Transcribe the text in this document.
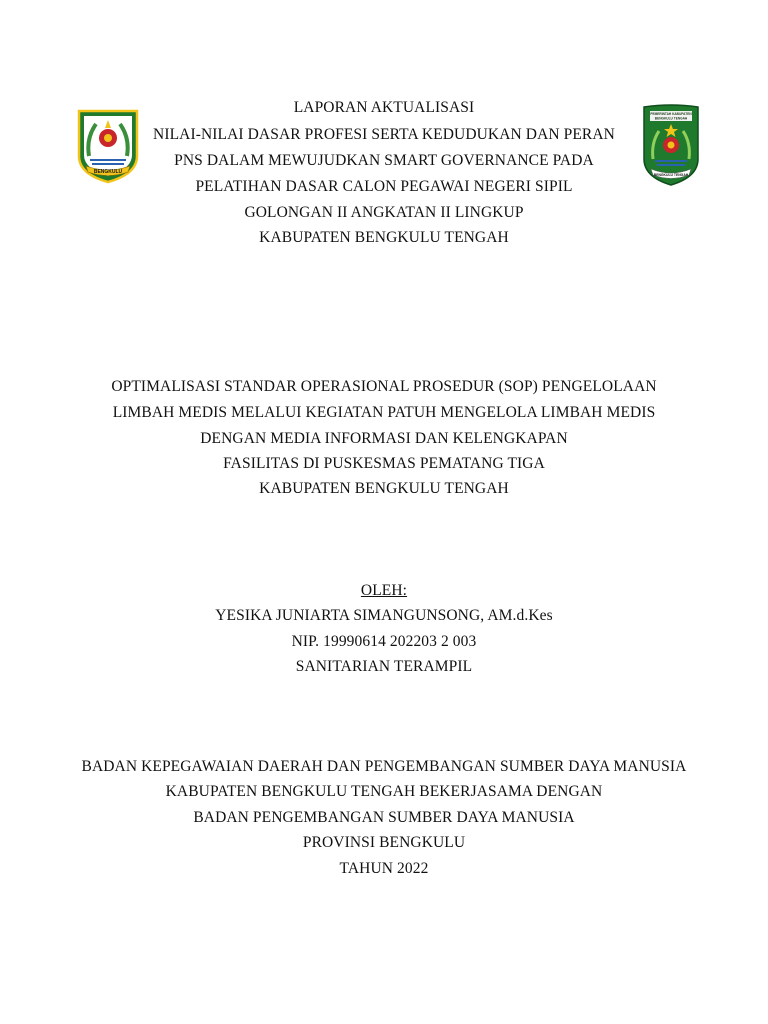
BENGKULU
PEMERINTAH KABUPATEN
BENGKULU TENGAH
BENGKULU TENGAH
LAPORAN AKTUALISASI
NILAI-NILAI DASAR PROFESI SERTA KEDUDUKAN DAN PERAN
PNS DALAM MEWUJUDKAN SMART GOVERNANCE PADA
PELATIHAN DASAR CALON PEGAWAI NEGERI SIPIL
GOLONGAN II ANGKATAN II LINGKUP
KABUPATEN BENGKULU TENGAH
OPTIMALISASI STANDAR OPERASIONAL PROSEDUR (SOP) PENGELOLAAN
LIMBAH MEDIS MELALUI KEGIATAN PATUH MENGELOLA LIMBAH MEDIS
DENGAN MEDIA INFORMASI DAN KELENGKAPAN
FASILITAS DI PUSKESMAS PEMATANG TIGA
KABUPATEN BENGKULU TENGAH
OLEH:
YESIKA JUNIARTA SIMANGUNSONG, AM.d.Kes
NIP. 19990614 202203 2 003
SANITARIAN TERAMPIL
BADAN KEPEGAWAIAN DAERAH DAN PENGEMBANGAN SUMBER DAYA MANUSIA
KABUPATEN BENGKULU TENGAH BEKERJASAMA DENGAN
BADAN PENGEMBANGAN SUMBER DAYA MANUSIA
PROVINSI BENGKULU
TAHUN 2022
